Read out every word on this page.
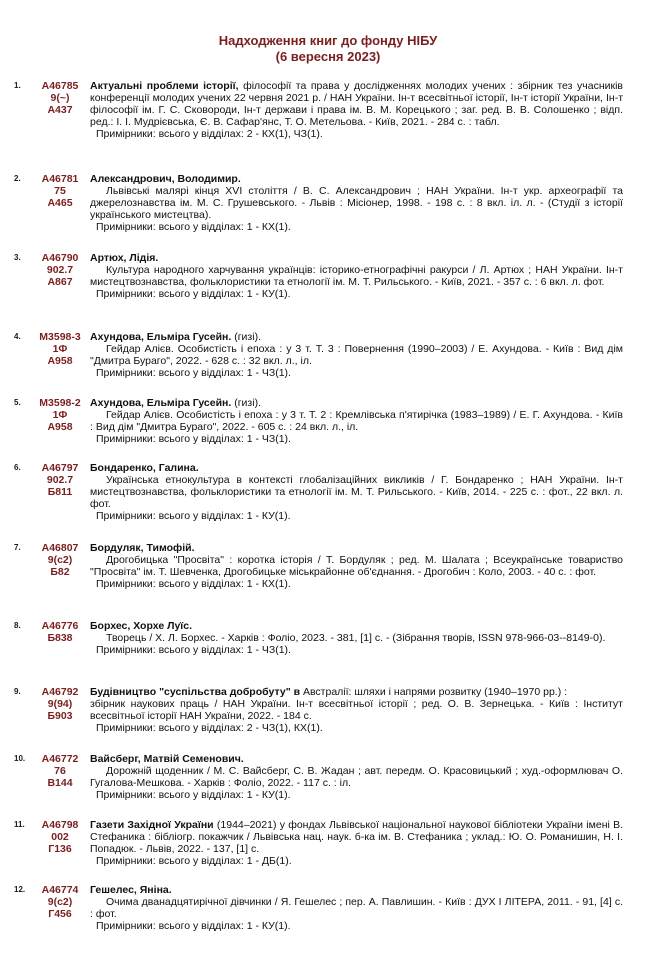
Надходження книг до фонду НІБУ
(6 вересня 2023)
1.	А46785
9(~)
А437
Актуальні проблеми історії, філософії та права у дослідженнях молодих учених : збірник тез учасників конференції молодих учених 22 червня 2021 р. / НАН України. Ін-т всесвітньої історії, Ін-т історії України, Ін-т філософії ім. Г. С. Сковороди, Ін-т держави і права ім. В. М. Корецького ; заг. ред. В. В. Солошенко ; відп. ред.: І. І. Мудрієвська, Є. В. Сафар'янс, Т. О. Метельова. - Київ, 2021. - 284 с. : табл.
Примірники: всього у відділах: 2 - КХ(1), ЧЗ(1).
2.	А46781
75
А465
Александрович, Володимир.
Львівські малярі кінця XVI століття / В. С. Александрович ; НАН України. Ін-т укр. археографії та джерелознавства ім. М. С. Грушевського. - Львів : Місіонер, 1998. - 198 с. : 8 вкл. іл. л. - (Студії з історії українського мистецтва).
Примірники: всього у відділах: 1 - КХ(1).
3.	А46790
902.7
А867
Артюх, Лідія.
Культура народного харчування українців: історико-етнографічні ракурси / Л. Артюх ; НАН України. Ін-т мистецтвознавства, фольклористики та етнології ім. М. Т. Рильського. - Київ, 2021. - 357 с. : 6 вкл. л. фот.
Примірники: всього у відділах: 1 - КУ(1).
4.	М3598-3
1Ф
А958
Ахундова, Ельміра Гусейн. (гизі).
Гейдар Алієв. Особистість і епоха : у 3 т. Т. 3 : Повернення (1990–2003) / Е. Ахундова. - Київ : Вид дім "Дмитра Бураго", 2022. - 628 с. : 32 вкл. л., іл.
Примірники: всього у відділах: 1 - ЧЗ(1).
5.	М3598-2
1Ф
А958
Ахундова, Ельміра Гусейн. (гизі).
Гейдар Алієв. Особистість і епоха : у 3 т. Т. 2 : Кремлівська п'ятирічка (1983–1989) / Е. Г. Ахундова. - Київ : Вид дім "Дмитра Бураго", 2022. - 605 с. : 24 вкл. л., іл.
Примірники: всього у відділах: 1 - ЧЗ(1).
6.	А46797
902.7
Б811
Бондаренко, Галина.
Українська етнокультура в контексті глобалізаційних викликів / Г. Бондаренко ; НАН України. Ін-т мистецтвознавства, фольклористики та етнології ім. М. Т. Рильського. - Київ, 2014. - 225 с. : фот., 22 вкл. л. фот.
Примірники: всього у відділах: 1 - КУ(1).
7.	А46807
9(с2)
Б82
Бордуляк, Тимофій.
Дрогобицька "Просвіта" : коротка історія / Т. Бордуляк ; ред. М. Шалата ; Всеукраїнське товариство "Просвіта" ім. Т. Шевченка, Дрогобицьке міськрайонне об'єднання. - Дрогобич : Коло, 2003. - 40 с. : фот.
Примірники: всього у відділах: 1 - КХ(1).
8.	А46776
Б838
Борхес, Хорхе Луїс.
Творець / Х. Л. Борхес. - Харків : Фоліо, 2023. - 381, [1] с. - (Зібрання творів, ISSN 978-966-03--8149-0).
Примірники: всього у відділах: 1 - ЧЗ(1).
9.	А46792
9(94)
Б903
Будівництво "суспільства добробуту" в Австралії: шляхи і напрями розвитку (1940–1970 рр.) :
збірник наукових праць / НАН України. Ін-т всесвітньої історії ; ред. О. В. Зернецька. - Київ : Інститут всесвітньої історії НАН України, 2022. - 184 с.
Примірники: всього у відділах: 2 - ЧЗ(1), КХ(1).
10.	А46772
76
В144
Вайсберг, Матвій Семенович.
Дорожній щоденник / М. С. Вайсберг, С. В. Жадан ; авт. передм. О. Красовицький ; худ.-оформлювач О. Гугалова-Мешкова. - Харків : Фоліо, 2022. - 117 с. : іл.
Примірники: всього у відділах: 1 - КУ(1).
11.	А46798
002
Г136
Газети Західної України (1944–2021) у фондах Львівської національної наукової бібліотеки України імені В. Стефаника : бібліогр. покажчик / Львівська нац. наук. б-ка ім. В. Стефаника ; уклад.: Ю. О. Романишин, Н. І. Попадюк. - Львів, 2022. - 137, [1] с.
Примірники: всього у відділах: 1 - ДБ(1).
12.	А46774
9(с2)
Г456
Гешелес, Яніна.
Очима дванадцятирічної дівчинки / Я. Гешелес ; пер. А. Павлишин. - Київ : ДУХ І ЛІТЕРА, 2011. - 91, [4] с. : фот.
Примірники: всього у відділах: 1 - КУ(1).
